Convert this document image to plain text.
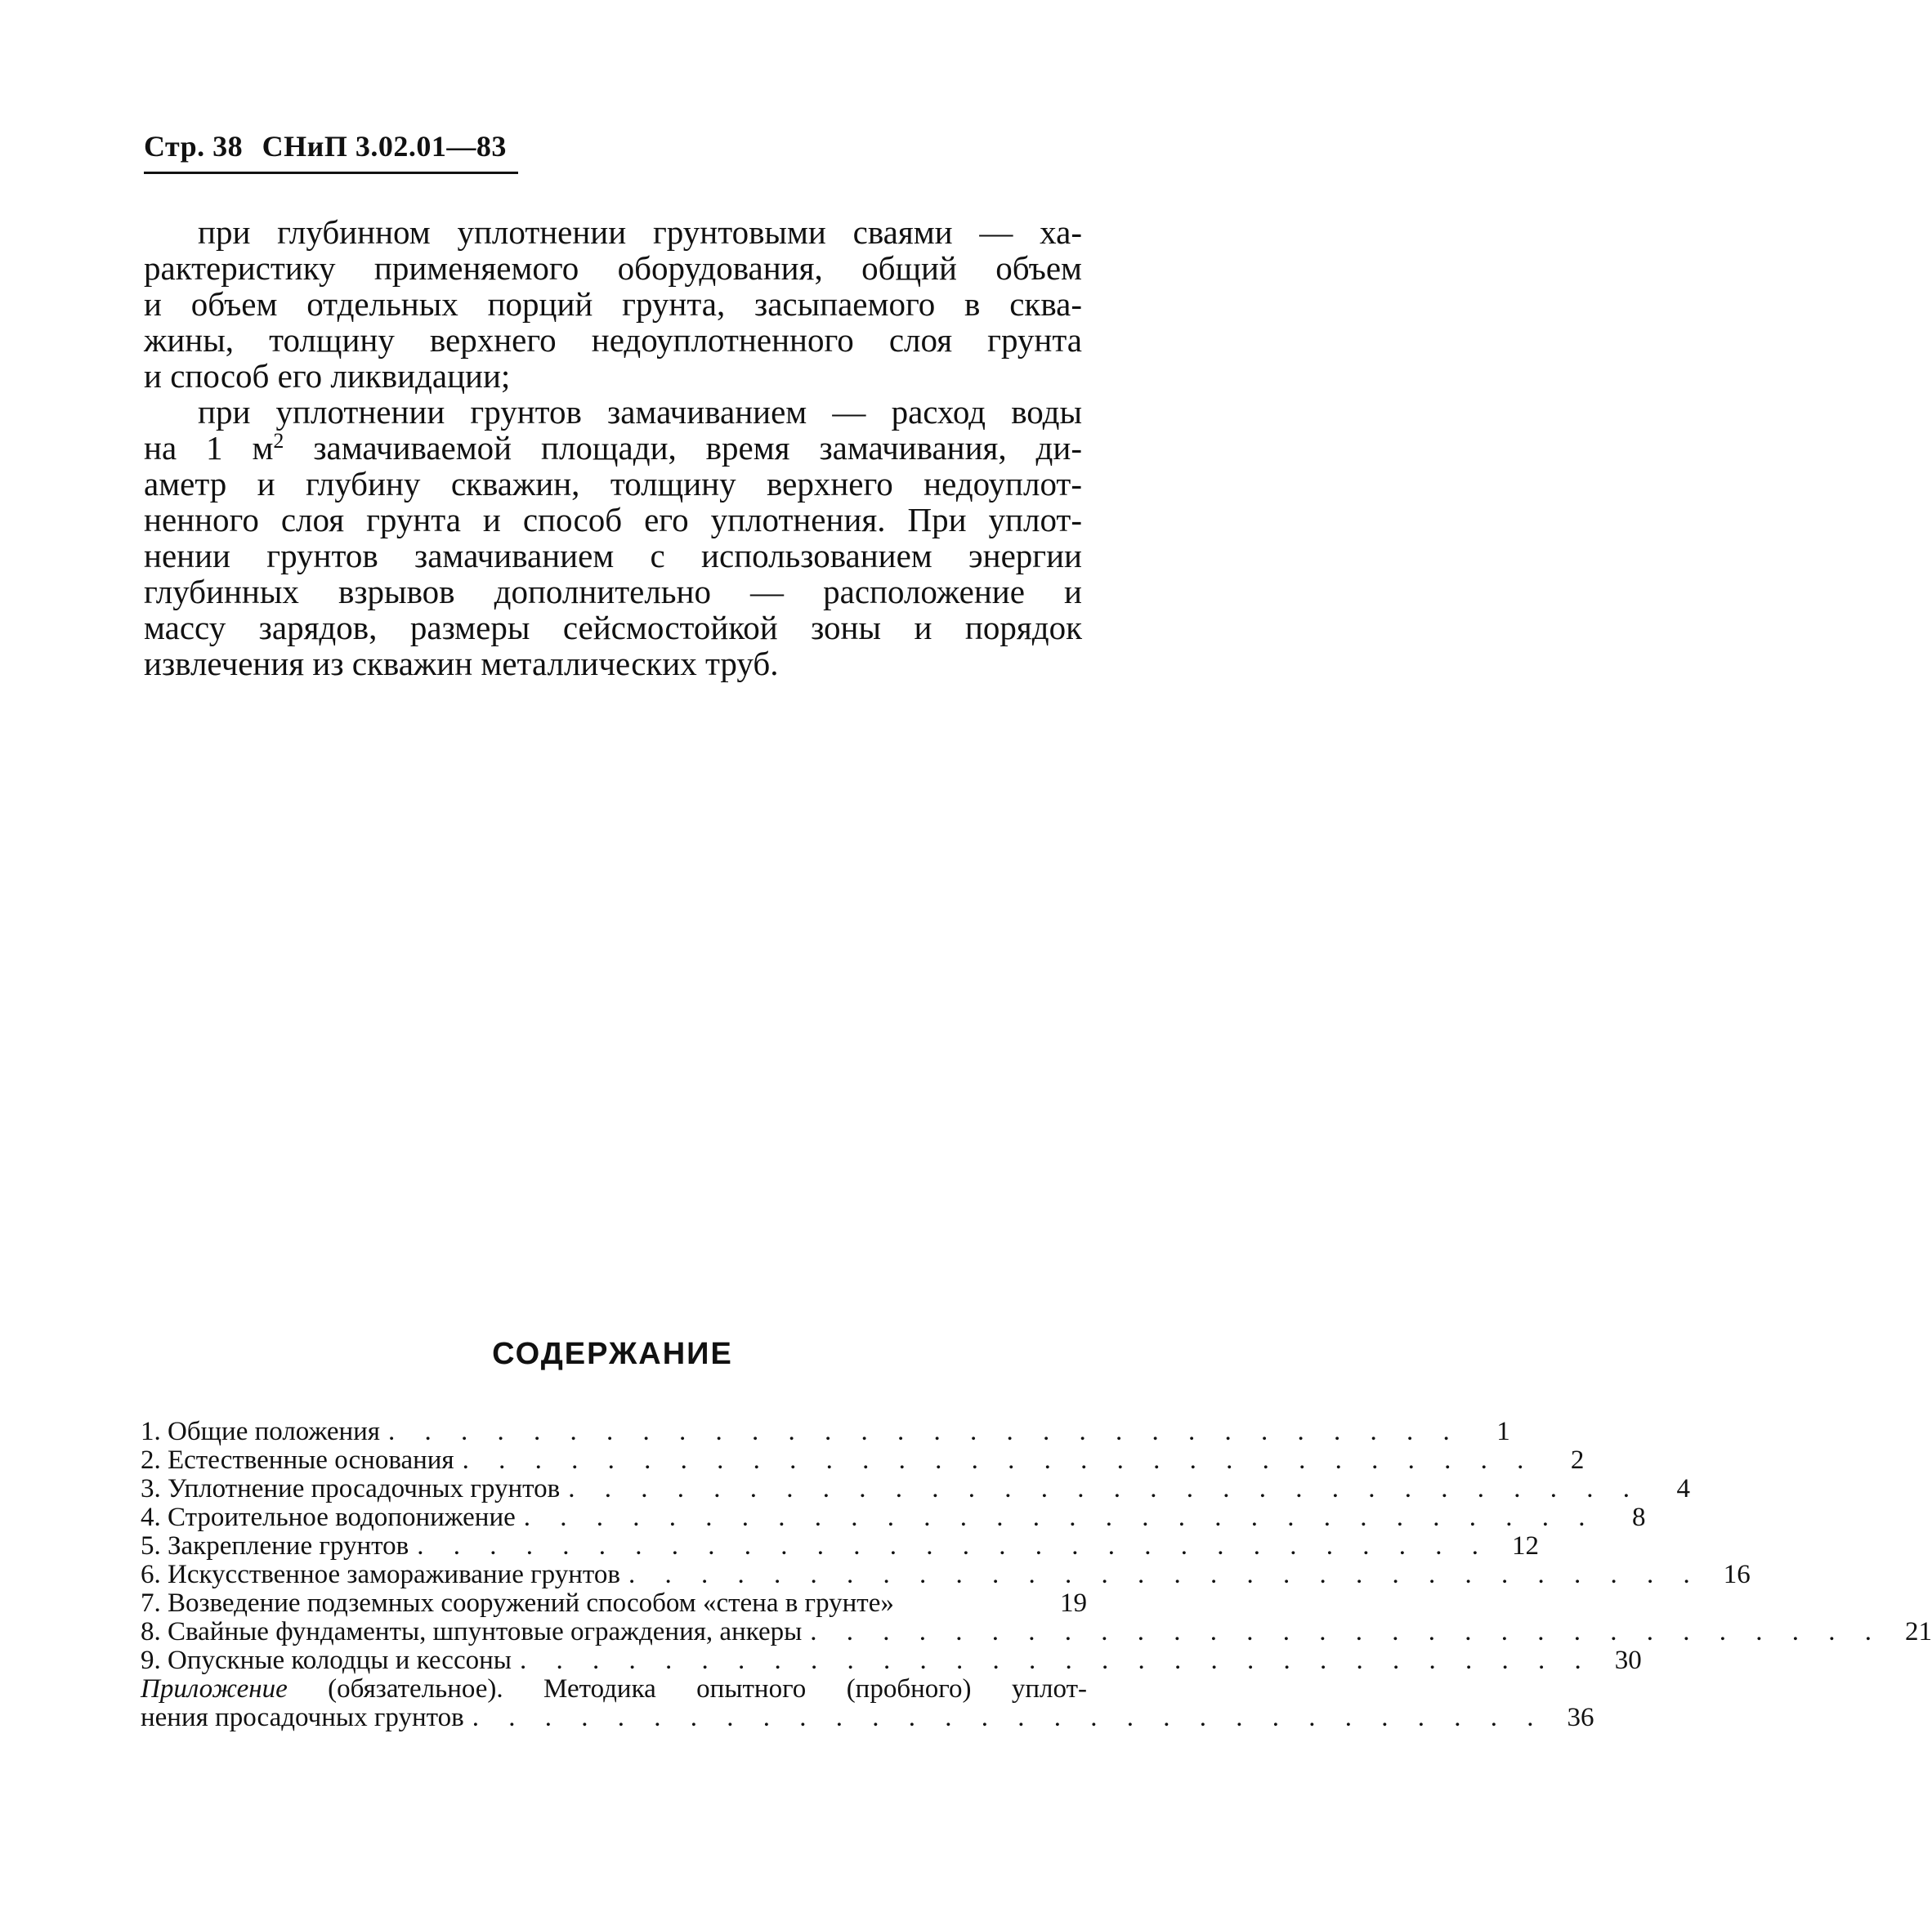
Стр. 38 СНиП 3.02.01—83
при глубинном уплотнении грунтовыми сваями — ха-
рактеристику применяемого оборудования, общий объем
и объем отдельных порций грунта, засыпаемого в сква-
жины, толщину верхнего недоуплотненного слоя грунта
и способ его ликвидации;
при уплотнении грунтов замачиванием — расход воды
на 1 $м^2$ замачиваемой площади, время замачивания, ди-
аметр и глубину скважин, толщину верхнего недоуплот-
ненного слоя грунта и способ его уплотнения. При уплот-
нении грунтов замачиванием с использованием энергии
глубинных взрывов дополнительно — расположение и
массу зарядов, размеры сейсмостойкой зоны и порядок
извлечения из скважин металлических труб.
СОДЕРЖАНИЕ
1. Общие положения . . . . . . . . . . . . . . . . . . . . . . . . . . . . . .	1
2. Естественные основания . . . . . . . . . . . . . . . . . . . . . . . . . . . . . .	2
3. Уплотнение просадочных грунтов . . . . . . . . . . . . . . . . . . . . . . . . . . . . . .	4
4. Строительное водопонижение . . . . . . . . . . . . . . . . . . . . . . . . . . . . . .	8
5. Закрепление грунтов . . . . . . . . . . . . . . . . . . . . . . . . . . . . . . 12
6. Искусственное замораживание грунтов . . . . . . . . . . . . . . . . . . . . . . . . . . . . . . 16
7. Возведение подземных сооружений способом «стена в грунте»	19
8. Свайные фундаменты, шпунтовые ограждения, анкеры . . . . . . . . . . . . . . . . . . . . . . . . . . . . . . 21
9. Опускные колодцы и кессоны . . . . . . . . . . . . . . . . . . . . . . . . . . . . . . 30
Приложение (обязательное). Методика опытного (пробного) уплот-
нения просадочных грунтов . . . . . . . . . . . . . . . . . . . . . . . . . . . . . . 36
